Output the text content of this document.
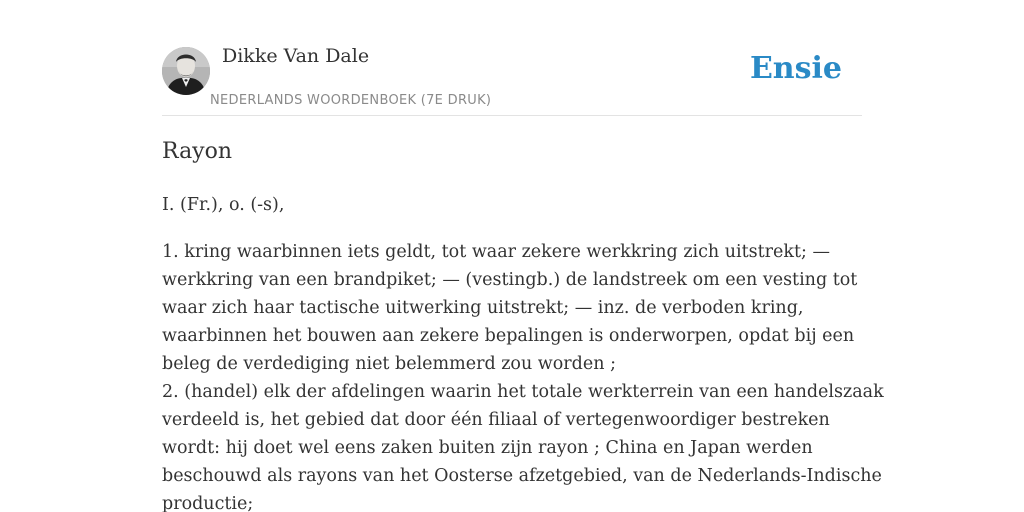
Dikke Van Dale
NEDERLANDS WOORDENBOEK (7E DRUK)
Ensie
Rayon

I. (Fr.), o. (-s),

1. kring waarbinnen iets geldt, tot waar zekere werkkring zich uitstrekt; —

werkkring van een brandpiket; — (vestingb.) de landstreek om een vesting tot

waar zich haar tactische uitwerking uitstrekt; — inz. de verboden kring,

waarbinnen het bouwen aan zekere bepalingen is onderworpen, opdat bij een

beleg de verdediging niet belemmerd zou worden ;

2. (handel) elk der afdelingen waarin het totale werkterrein van een handelszaak

verdeeld is, het gebied dat door één filiaal of vertegenwoordiger bestreken

wordt: hij doet wel eens zaken buiten zijn rayon ; China en Japan werden

beschouwd als rayons van het Oosterse afzetgebied, van de Nederlands-Indische

productie;
